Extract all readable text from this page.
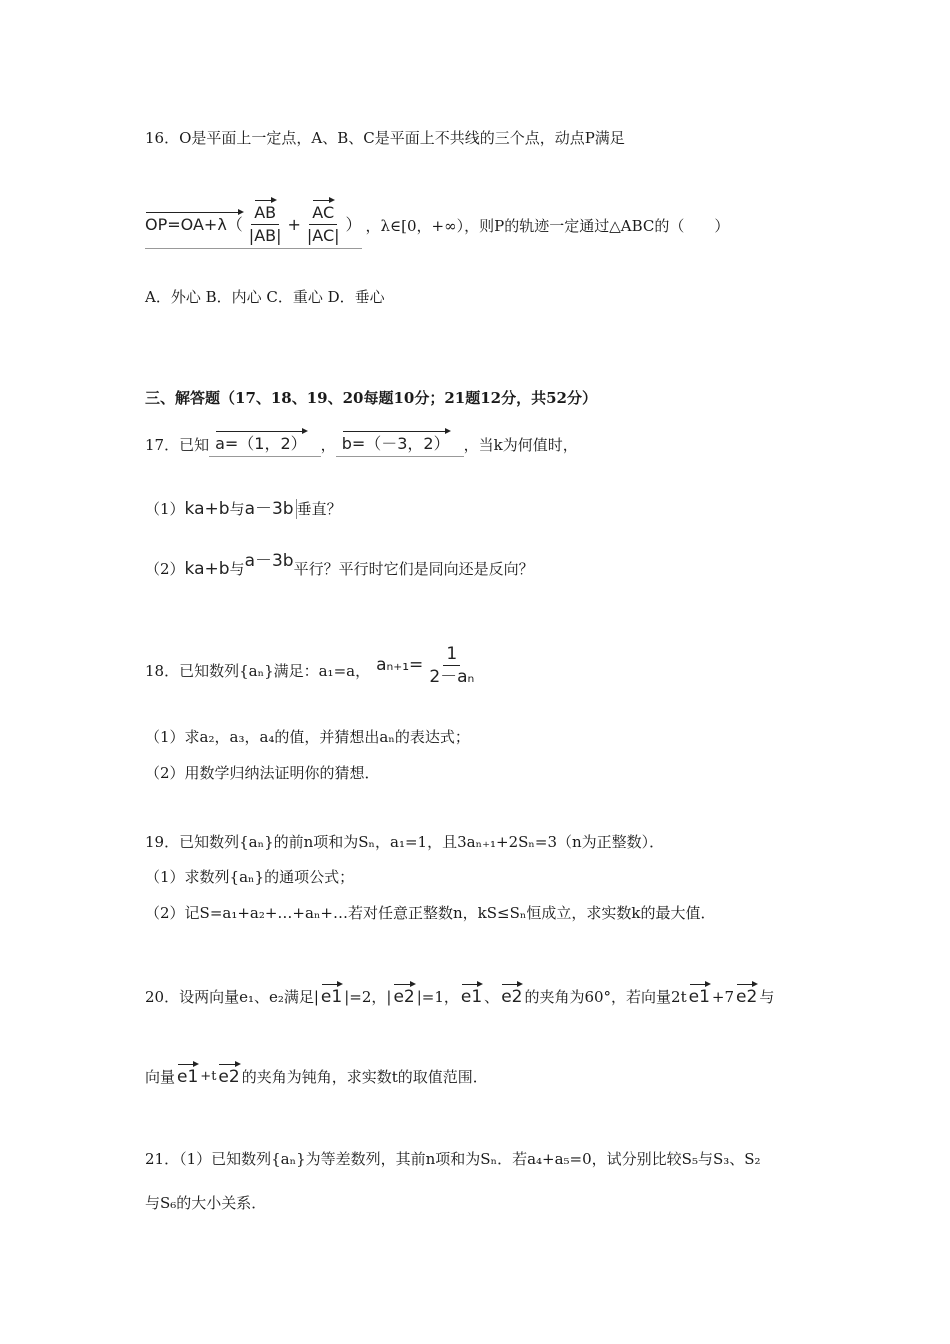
16．O是平面上一定点，A、B、C是平面上不共线的三个点，动点P满足
$OP=OA+\lambda( \frac{AB}{|AB|} + \frac{AC}{|AC|}$ ） ，λ∈[0，+∞），则P的轨迹一定通过△ABC的（　　）
A．外心 B．内心 C．重心 D．垂心
三、解答题（17、18、19、20每题10分；21题12分，共52分）
17．已知 a=（1，2） ， b=（－3，2） ，当k为何值时，
（1） ka+b 与 a－3b 垂直？
（2） ka+b 与 a－3b 平行？平行时它们是同向还是反向？
18．已知数列{aₙ}满足：a₁=a， $a_{n+1}= \frac{1}{\text{2－aₙ}}$
（1）求a₂，a₃，a₄的值，并猜想出aₙ的表达式；
（2）用数学归纳法证明你的猜想．
19．已知数列{aₙ}的前n项和为Sₙ，a₁=1，且3aₙ₊₁+2Sₙ=3（n为正整数）．
（1）求数列{aₙ}的通项公式；
（2）记S=a₁+a₂+…+aₙ+…若对任意正整数n，kS≤Sₙ恒成立，求实数k的最大值．
20．设两向量e₁、e₂满足| e1 |=2，| e2 |=1， e1 、 e2 的夹角为60°，若向量2t e1 +7 e2 与
向量 e1 +t e2 的夹角为钝角，求实数t的取值范围．
21．（1）已知数列{aₙ}为等差数列，其前n项和为Sₙ．若a₄+a₅=0，试分别比较S₅与S₃、S₂
与S₆的大小关系．
